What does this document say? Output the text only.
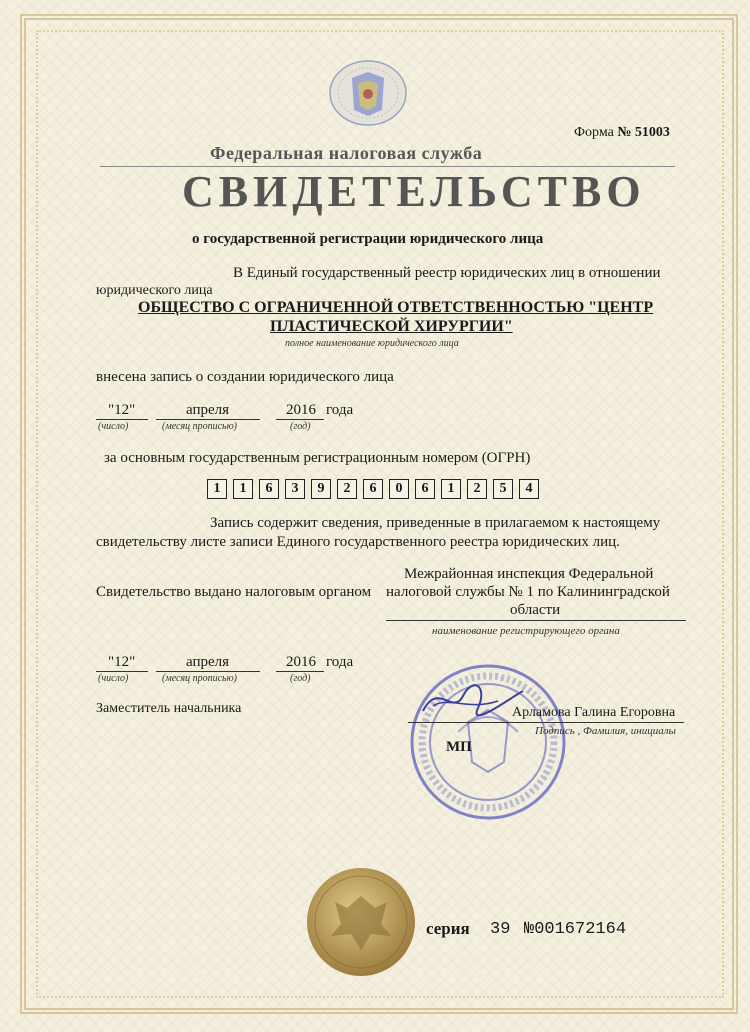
Форма № 51003
Федеральная налоговая служба
СВИДЕТЕЛЬСТВО
о государственной регистрации юридического лица
В Единый государственный реестр юридических лиц в отношении
юридического лица
ОБЩЕСТВО С ОГРАНИЧЕННОЙ ОТВЕТСТВЕННОСТЬЮ "ЦЕНТР
ПЛАСТИЧЕСКОЙ ХИРУРГИИ"
полное наименование юридического лица
внесена запись о создании юридического лица
"12"	апреля	2016 года
(число)	(месяц прописью)	(год)
за основным государственным регистрационным номером (ОГРН)
1 1 6 3 9 2 6 0 6 1 2 5 4
Запись содержит сведения, приведенные в прилагаемом к настоящему
свидетельству листе записи Единого государственного реестра юридических лиц.
Межрайонная инспекция Федеральной
Свидетельство выдано налоговым органом налоговой службы № 1 по Калининградской
области
наименование регистрирующего органа
"12"	апреля	2016 года
(число)	(месяц прописью)	(год)
Заместитель начальника	Арламова Галина Егоровна
Подпись , Фамилия, инициалы
МП
серия 39 №001672164
